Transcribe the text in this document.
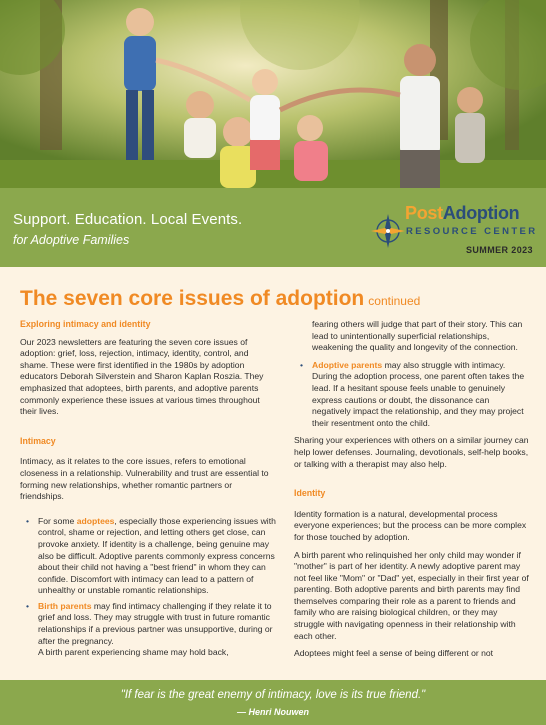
Support. Education. Local Events.
for Adoptive Families
PostAdoption
RESOURCE CENTER
SUMMER 2023
The seven core issues of adoption continued
Exploring intimacy and identity

Our 2023 newsletters are featuring the seven core issues of adoption: grief, loss, rejection, intimacy, identity, control, and shame. These were first identified in the 1980s by adoption educators Deborah Silverstein and Sharon Kaplan Roszia. They emphasized that adoptees, birth parents, and adoptive parents commonly experience these issues at various times throughout their lives.

Intimacy

Intimacy, as it relates to the core issues, refers to emotional closeness in a relationship. Vulnerability and trust are essential to forming new relationships, whether romantic partners or friendships.

• For some adoptees, especially those experiencing issues with control, shame or rejection, and letting others get close, can provoke anxiety. If identity is a challenge, being genuine may also be difficult. Adoptive parents commonly express concerns about their child not having a "best friend" in whom they can confide. Discomfort with intimacy can lead to a pattern of unhealthy or unstable romantic relationships.
• Birth parents may find intimacy challenging if they relate it to grief and loss. They may struggle with trust in future romantic relationships if a previous partner was unsupportive, during or after the pregnancy.
A birth parent experiencing shame may hold back,

fearing others will judge that part of their story. This can lead to unintentionally superficial relationships, weakening the quality and longevity of the connection.

• Adoptive parents may also struggle with intimacy. During the adoption process, one parent often takes the lead. If a hesitant spouse feels unable to genuinely express cautions or doubt, the dissonance can negatively impact the relationship, and they may project their resentment onto the child.

Sharing your experiences with others on a similar journey can help lower defenses. Journaling, devotionals, self-help books, or talking with a therapist may also help.

Identity

Identity formation is a natural, developmental process everyone experiences; but the process can be more complex for those touched by adoption.

A birth parent who relinquished her only child may wonder if "mother" is part of her identity. A newly adoptive parent may not feel like "Mom" or "Dad" yet, especially in their first year of parenting. Both adoptive parents and birth parents may find themselves comparing their role as a parent to friends and family who are raising biological children, or they may struggle with navigating openness in their relationship with each other.

Adoptees might feel a sense of being different or not

"If fear is the great enemy of intimacy, love is its true friend."
— Henri Nouwen
